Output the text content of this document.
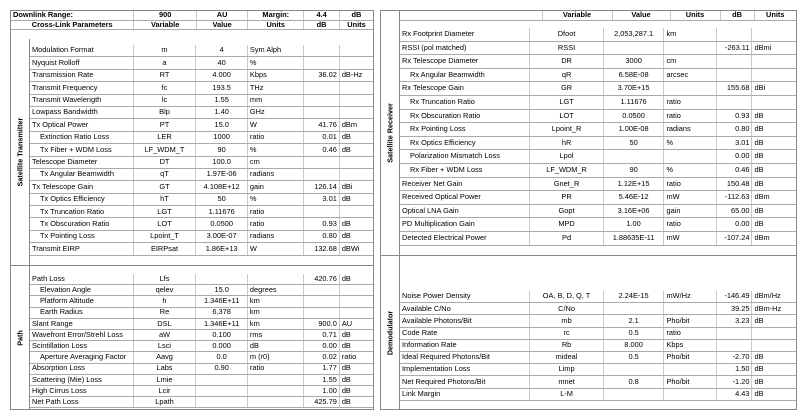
Downlink Range:	900	AU	Margin:	4.4	dB
Cross-Link Parameters	Variable	Value	Units	dB	Units
Satellite Transmitter
Modulation Format	m	4	Sym Alph		
Nyquist Rolloff	a	40	%		
Transmission Rate	RT	4.000	Kbps	36.02	dB-Hz
Transmit Frequency	fc	193.5	THz		
Transmit Wavelength	lc	1.55	mm		
Lowpass Bandwidth	Blp	1.40	GHz		
Tx Optical Power	PT	15.0	W	41.76	dBm
Extinction Ratio Loss	LER	1000	ratio	0.01	dB
Tx Fiber + WDM Loss	LF_WDM_T	90	%	0.46	dB
Telescope Diameter	DT	100.0	cm		
Tx Angular Beamwidth	qT	1.97E-06	radians		
Tx Telescope Gain	GT	4.108E+12	gain	126.14	dBi
Tx Optics Efficiency	hT	50	%	3.01	dB
Tx Truncation Ratio	LGT	1.11676	ratio		
Tx Obscuration Ratio	LOT	0.0500	ratio	0.93	dB
Tx Pointing Loss	Lpoint_T	3.00E-07	radians	0.80	dB
Transmit EIRP	EIRPsat	1.86E+13	W	132.68	dBWi
Path
Path Loss	Lfs			420.76	dB
Elevation Angle	qelev	15.0	degrees		
Platform Altitude	h	1.346E+11	km		
Earth Radius	Re	6,378	km		
Slant Range	DSL	1.346E+11	km	900.0	AU
Wavefront Error/Strehl Loss	aW	0.100	rms	0.71	dB
Scintillation Loss	Lsci	0.000	dB	0.00	dB
Aperture Averaging Factor	Aavg	0.0	m (r0)	0.02	ratio
Absorption Loss	Labs	0.90	ratio	1.77	dB
Scattering (Mie) Loss	Lmie			1.55	dB
High Cirrus Loss	Lcir			1.00	dB
Net Path Loss	Lpath			425.79	dB
	Variable	Value	Units	dB	Units
Satellite Receiver
Rx Footprint Diameter	Dfoot	2,053,287.1	km		
RSSI (pol matched)	RSSI			-263.11	dBmi
Rx Telescope Diameter	DR	3000	cm		
Rx Angular Beamwidth	qR	6.58E-08	arcsec		
Rx Telescope Gain	GR	3.70E+15		155.68	dBi
Rx Truncation Ratio	LGT	1.11676	ratio		
Rx Obscuration Ratio	LOT	0.0500	ratio	0.93	dB
Rx Pointing Loss	Lpoint_R	1.00E-08	radians	0.80	dB
Rx Optics Efficiency	hR	50	%	3.01	dB
Polarization Mismatch Loss	Lpol			0.00	dB
Rx Fiber + WDM Loss	LF_WDM_R	90	%	0.46	dB
Receiver Net Gain	Gnet_R	1.12E+15	ratio	150.48	dB
Received Optical Power	PR	5.46E-12	mW	-112.63	dBm
Optical LNA Gain	Gopt	3.16E+06	gain	65.00	dB
PD Multiplication Gain	MPD	1.00	ratio	0.00	dB
Detected Electrical Power	Pd	1.88635E-11	mW	-107.24	dBm
Demodulator
Noise Power Density	OA, B, D, Q, T	2.24E-15	mW/Hz	-146.49	dBm/Hz
Available C/No	C/No			39.25	dBm-Hz
Available Photons/Bit	mb	2.1	Pho/bit	3.23	dB
Code Rate	rc	0.5	ratio		
Information Rate	Rb	8.000	Kbps		
Ideal Required Photons/Bit	mideal	0.5	Pho/bit	-2.70	dB
Implementation Loss	Limp			1.50	dB
Net Required Photons/Bit	mnet	0.8	Pho/bit	-1.20	dB
Link Margin	L-M			4.43	dB
